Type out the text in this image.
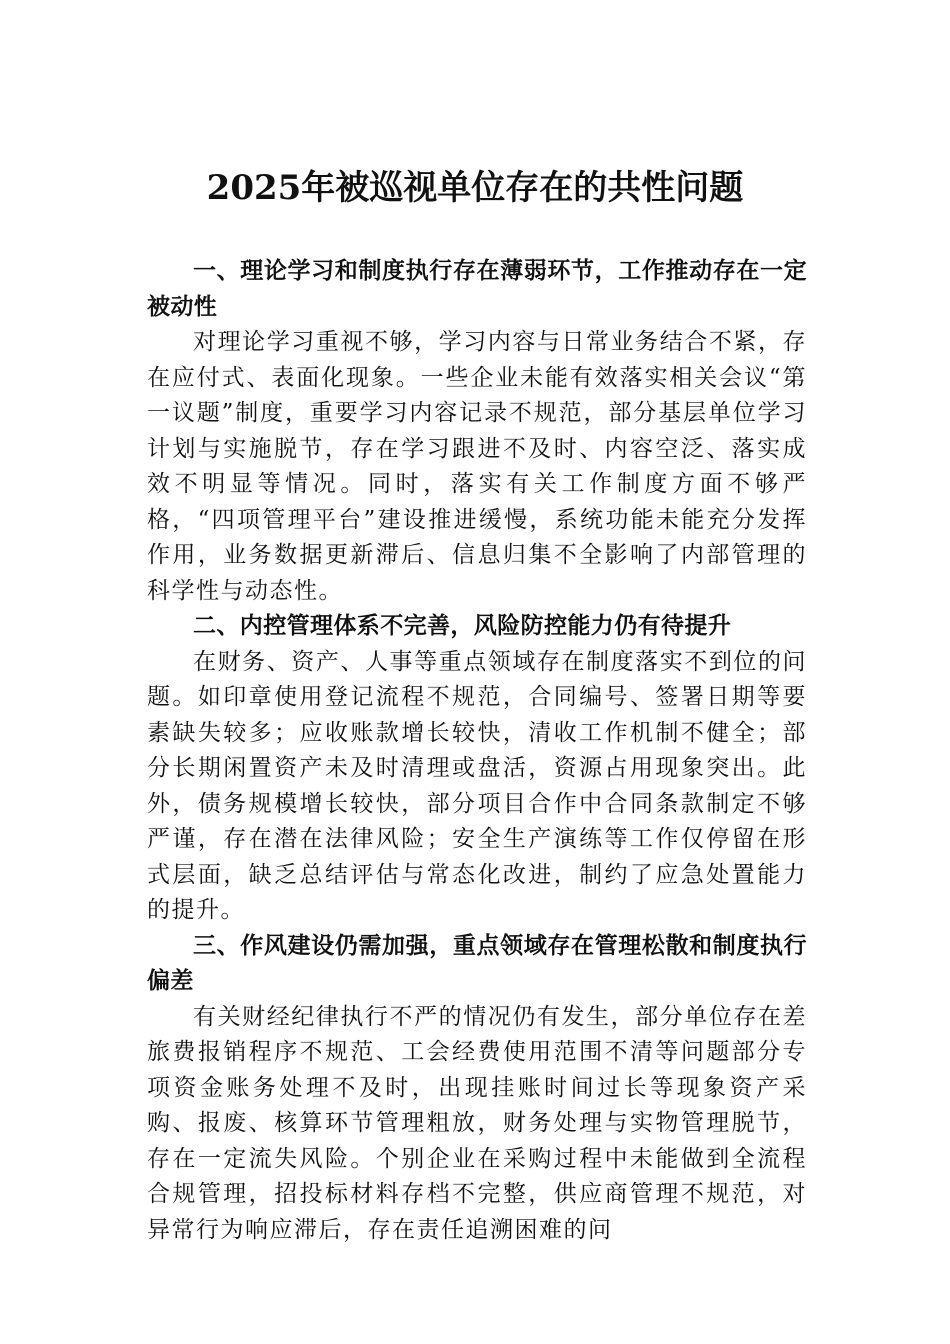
2025年被巡视单位存在的共性问题

一、理论学习和制度执行存在薄弱环节，工作推动存在一定被动性

对理论学习重视不够，学习内容与日常业务结合不紧，存在应付式、表面化现象。一些企业未能有效落实相关会议“第一议题”制度，重要学习内容记录不规范，部分基层单位学习计划与实施脱节，存在学习跟进不及时、内容空泛、落实成效不明显等情况。同时，落实有关工作制度方面不够严格，“四项管理平台”建设推进缓慢，系统功能未能充分发挥作用，业务数据更新滞后、信息归集不全影响了内部管理的科学性与动态性。

二、内控管理体系不完善，风险防控能力仍有待提升

在财务、资产、人事等重点领域存在制度落实不到位的问题。如印章使用登记流程不规范，合同编号、签署日期等要素缺失较多；应收账款增长较快，清收工作机制不健全；部分长期闲置资产未及时清理或盘活，资源占用现象突出。此外，债务规模增长较快，部分项目合作中合同条款制定不够严谨，存在潜在法律风险；安全生产演练等工作仅停留在形式层面，缺乏总结评估与常态化改进，制约了应急处置能力的提升。

三、作风建设仍需加强，重点领域存在管理松散和制度执行偏差

有关财经纪律执行不严的情况仍有发生，部分单位存在差旅费报销程序不规范、工会经费使用范围不清等问题部分专项资金账务处理不及时，出现挂账时间过长等现象资产采购、报废、核算环节管理粗放，财务处理与实物管理脱节，存在一定流失风险。个别企业在采购过程中未能做到全流程合规管理，招投标材料存档不完整，供应商管理不规范，对异常行为响应滞后，存在责任追溯困难的问
